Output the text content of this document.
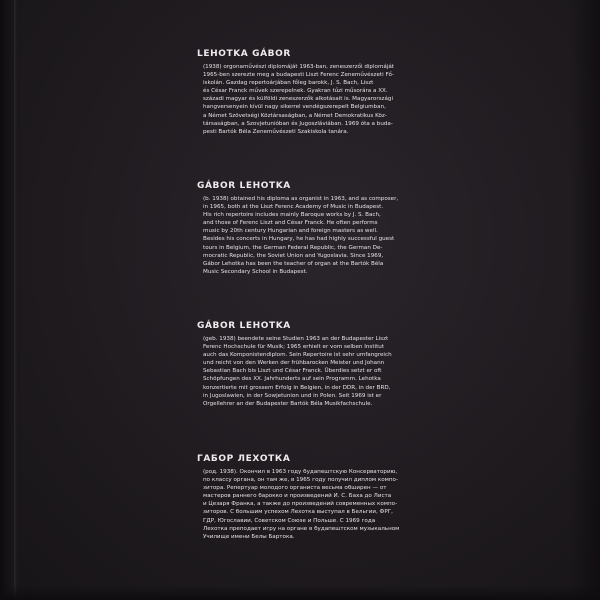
LEHOTKA GÁBOR
(1938) orgonaművészi diplomáját 1963-ban, zeneszerzői diplomáját
1965-ben szerezte meg a budapesti Liszt Ferenc Zeneművészeti Fő-
iskolán. Gazdag repertoárjában főleg barokk, J. S. Bach, Liszt
és César Franck művek szerepelnek. Gyakran tűzi műsorára a XX.
századi magyar és külföldi zeneszerzők alkotásait is. Magyarországi
hangversenyein kívül nagy sikerrel vendégszerepelt Belgiumban,
a Német Szövetségi Köztársaságban, a Német Demokratikus Köz-
társaságban, a Szovjetunióban és Jugoszláviában. 1969 óta a buda-
pesti Bartók Béla Zeneművészeti Szakiskola tanára.
GÁBOR LEHOTKA
(b. 1938) obtained his diploma as organist in 1963, and as composer,
in 1965, both at the Liszt Ferenc Academy of Music in Budapest.
His rich repertoire includes mainly Baroque works by J. S. Bach,
and those of Ferenc Liszt and César Franck. He often performs
music by 20th century Hungarian and foreign masters as well.
Besides his concerts in Hungary, he has had highly successful guest
tours in Belgium, the German Federal Republic, the German De-
mocratic Republic, the Soviet Union and Yugoslavia. Since 1969,
Gábor Lehotka has been the teacher of organ at the Bartók Béla
Music Secondary School in Budapest.
GÁBOR LEHOTKA
(geb. 1938) beendete seine Studien 1963 an der Budapester Liszt
Ferenc Hochschule für Musik; 1965 erhielt er vom selben Institut
auch das Komponistendiplom. Sein Repertoire ist sehr umfangreich
und reicht von den Werken der frühbarocken Meister und Johann
Sebastian Bach bis Liszt und César Franck. Überdies setzt er oft
Schöpfungen des XX. Jahrhunderts auf sein Programm. Lehotka
konzertierte mit grossem Erfolg in Belgien, in der DDR, in der BRD,
in Jugoslawien, in der Sowjetunion und in Polen. Seit 1969 ist er
Orgellehrer an der Budapester Bartók Béla Musikfachschule.
ГАБОР ЛЕХОТКА
(род. 1938). Окончил в 1963 году будапештскую Консерваторию,
по классу органа, он там же, в 1965 году получил диплом компо-
зитора. Репертуар молодого органиста весьма обширен — от
мастеров раннего барокко и произведений И. С. Баха до Листа
и Цезаря Франка, а также до произведений современных компо-
зиторов. С большим успехом Лехотка выступал в Бельгии, ФРГ,
ГДР, Югославии, Советском Союзе и Польше. С 1969 года
Лехотка преподает игру на органе в будапештском музыкальном
Училище имени Белы Бартока.
